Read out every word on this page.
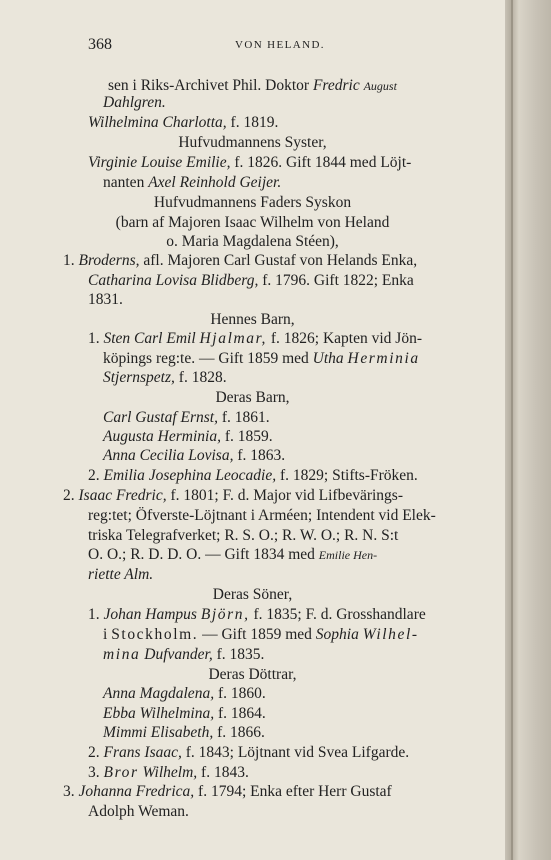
368	VON HELAND.
sen i Riks-Archivet Phil. Doktor Fredric August
Dahlgren.
Wilhelmina Charlotta, f. 1819.
Hufvudmannens Syster,
Virginie Louise Emilie, f. 1826. Gift 1844 med Löjt-
nanten Axel Reinhold Geijer.
Hufvudmannens Faders Syskon
(barn af Majoren Isaac Wilhelm von Heland
o. Maria Magdalena Stéen),
1. Broderns, afl. Majoren Carl Gustaf von Helands Enka,
Catharina Lovisa Blidberg, f. 1796. Gift 1822; Enka
1831.
Hennes Barn,
1. Sten Carl Emil Hjalmar, f. 1826; Kapten vid Jön-
köpings reg:te. — Gift 1859 med Utha Herminia
Stjernspetz, f. 1828.
Deras Barn,
Carl Gustaf Ernst, f. 1861.
Augusta Herminia, f. 1859.
Anna Cecilia Lovisa, f. 1863.
2. Emilia Josephina Leocadie, f. 1829; Stifts-Fröken.
2. Isaac Fredric, f. 1801; F. d. Major vid Lifbevärings-
reg:tet; Öfverste-Löjtnant i Arméen; Intendent vid Elek-
triska Telegrafverket; R. S. O.; R. W. O.; R. N. S:t
O. O.; R. D. D. O. — Gift 1834 med Emilie Hen-
riette Alm.
Deras Söner,
1. Johan Hampus Björn, f. 1835; F. d. Grosshandlare
i Stockholm. — Gift 1859 med Sophia Wilhel-
mina Dufvander, f. 1835.
Deras Döttrar,
Anna Magdalena, f. 1860.
Ebba Wilhelmina, f. 1864.
Mimmi Elisabeth, f. 1866.
2. Frans Isaac, f. 1843; Löjtnant vid Svea Lifgarde.
3. Bror Wilhelm, f. 1843.
3. Johanna Fredrica, f. 1794; Enka efter Herr Gustaf
Adolph Weman.
